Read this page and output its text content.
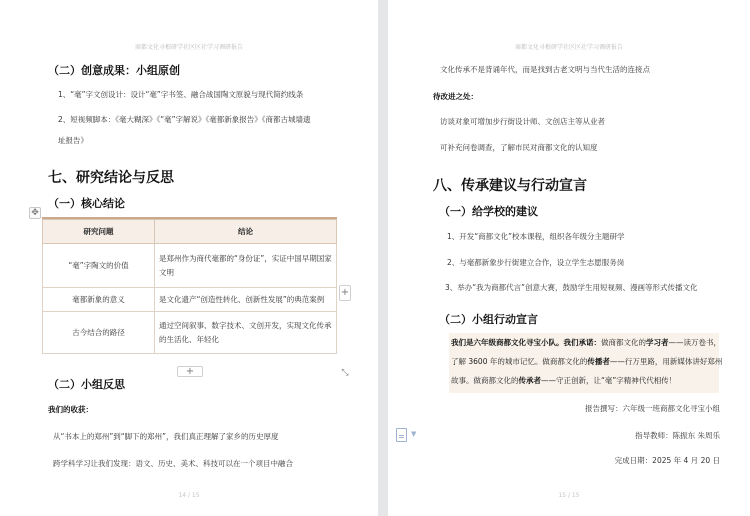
商都文化寻根研学社区区社学习调研报告
（二）创意成果：小组原创
1、“毫”字文创设计：设计“毫”字书签、融合战国陶文原貌与现代简约线条
2、短视频脚本：《毫大糊深》《“毫”字解说》《毫都新象报告》《商都古城墙遗
址报告》
七、研究结论与反思
（一）核心结论
研究问题	结论
“毫”字陶文的价值	是郑州作为商代毫都的“身份证”，实证中国早期国家文明
毫都新象的意义	是文化遗产“创造性转化、创新性发展”的典范案例
古今结合的路径	通过空间叙事、数字技术、文创开发，实现文化传承的生活化、年轻化
✥
+
+	⤡
（二）小组反思
我们的收获：
从“书本上的郑州”到“脚下的郑州”，我们真正理解了家乡的历史厚度
跨学科学习让我们发现：语文、历史、美术、科技可以在一个项目中融合
14 / 15
商都文化寻根研学社区区社学习调研报告
文化传承不是背诵年代，而是找到古老文明与当代生活的连接点
待改进之处：
访谈对象可增加步行街设计师、文创店主等从业者
可补充问卷调查，了解市民对商都文化的认知度
八、传承建议与行动宣言
（一）给学校的建议
1、开发“商都文化”校本课程，组织各年级分主题研学
2、与毫都新象步行街建立合作，设立学生志愿服务岗
3、举办“我为商都代言”创意大赛，鼓励学生用短视频、漫画等形式传播文化
（二）小组行动宣言
我们是六年级商都文化寻宝小队。我们承诺：做商都文化的学习者——读万卷书，
了解 3600 年的城市记忆。做商都文化的传播者——行万里路，用新媒体讲好郑州
故事。做商都文化的传承者——守正创新，让“毫”字精神代代相传！
报告撰写：六年级一班商都文化寻宝小组
指导教师：陈振东 朱周乐
完成日期：2025 年 4 月 20 日
▼
15 / 15
